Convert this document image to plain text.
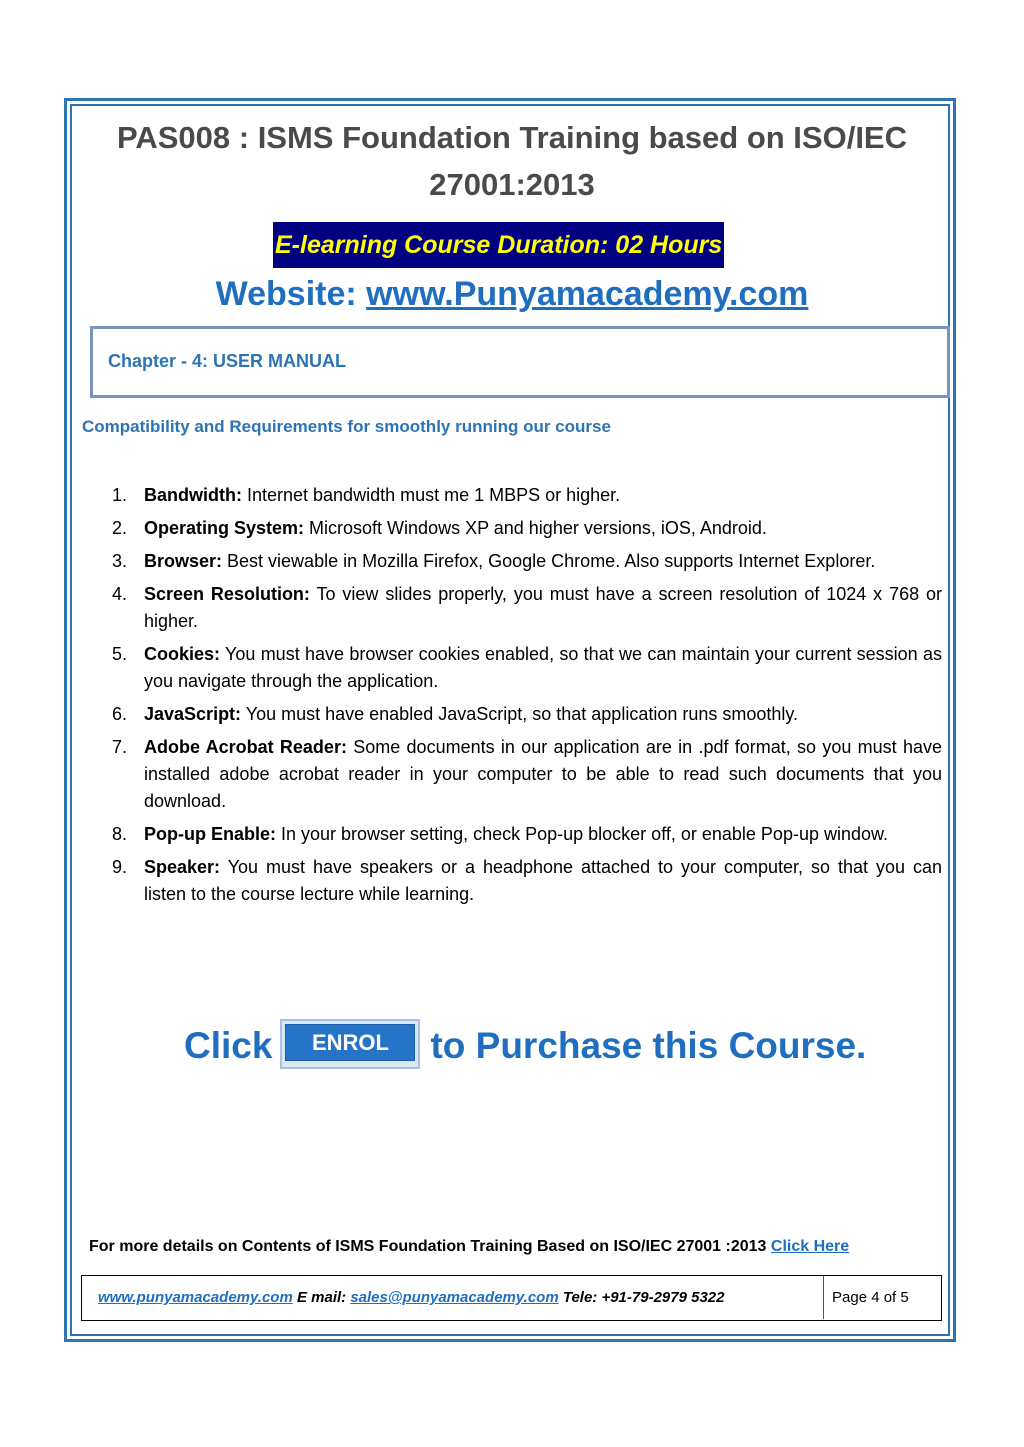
PAS008 : ISMS Foundation Training based on ISO/IEC
27001:2013
E-learning Course Duration: 02 Hours
Website: www.Punyamacademy.com
Chapter - 4: USER MANUAL
Compatibility and Requirements for smoothly running our course
1. Bandwidth: Internet bandwidth must me 1 MBPS or higher.
2. Operating System: Microsoft Windows XP and higher versions, iOS, Android.
3. Browser: Best viewable in Mozilla Firefox, Google Chrome. Also supports Internet Explorer.
4. Screen Resolution: To view slides properly, you must have a screen resolution of 1024 x 768 or higher.
5. Cookies: You must have browser cookies enabled, so that we can maintain your current session as you navigate through the application.
6. JavaScript: You must have enabled JavaScript, so that application runs smoothly.
7. Adobe Acrobat Reader: Some documents in our application are in .pdf format, so you must have installed adobe acrobat reader in your computer to be able to read such documents that you download.
8. Pop-up Enable: In your browser setting, check Pop-up blocker off, or enable Pop-up window.
9. Speaker: You must have speakers or a headphone attached to your computer, so that you can listen to the course lecture while learning.
Click	ENROL	to Purchase this Course.
For more details on Contents of ISMS Foundation Training Based on ISO/IEC 27001 :2013 Click Here
www.punyamacademy.com E mail: sales@punyamacademy.com Tele: +91-79-2979 5322	Page 4 of 5
